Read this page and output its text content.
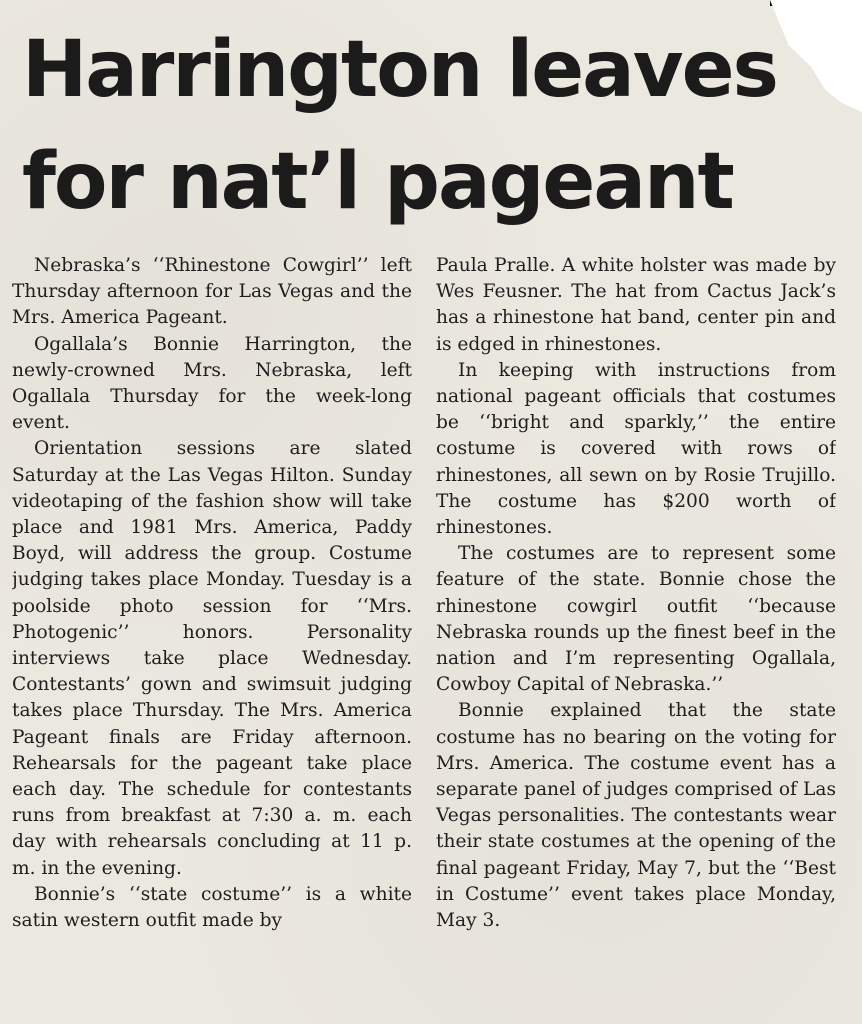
Harrington leaves
for nat’l pageant

Nebraska’s ‘‘Rhinestone Cowgirl’’ left Thursday afternoon for Las Vegas and the Mrs. America Pageant.

Ogallala’s Bonnie Harrington, the newly-crowned Mrs. Nebraska, left Ogallala Thursday for the week-long event.

Orientation sessions are slated Saturday at the Las Vegas Hilton. Sunday videotaping of the fashion show will take place and 1981 Mrs. America, Paddy Boyd, will address the group. Costume judging takes place Monday. Tuesday is a poolside photo session for ‘‘Mrs. Photogenic’’ honors. Personality interviews take place Wednesday. Contestants’ gown and swimsuit judging takes place Thursday. The Mrs. America Pageant finals are Friday afternoon. Rehearsals for the pageant take place each day. The schedule for contestants runs from breakfast at 7:30 a. m. each day with rehearsals concluding at 11 p. m. in the evening.

Bonnie’s ‘‘state costume’’ is a white satin western outfit made by

Paula Pralle. A white holster was made by Wes Feusner. The hat from Cactus Jack’s has a rhinestone hat band, center pin and is edged in rhinestones.

In keeping with instructions from national pageant officials that costumes be ‘‘bright and sparkly,’’ the entire costume is covered with rows of rhinestones, all sewn on by Rosie Trujillo. The costume has $200 worth of rhinestones.

The costumes are to represent some feature of the state. Bonnie chose the rhinestone cowgirl outfit ‘‘because Nebraska rounds up the finest beef in the nation and I’m representing Ogallala, Cowboy Capital of Nebraska.’’

Bonnie explained that the state costume has no bearing on the voting for Mrs. America. The costume event has a separate panel of judges comprised of Las Vegas personalities. The contestants wear their state costumes at the opening of the final pageant Friday, May 7, but the ‘‘Best in Costume’’ event takes place Monday, May 3.
